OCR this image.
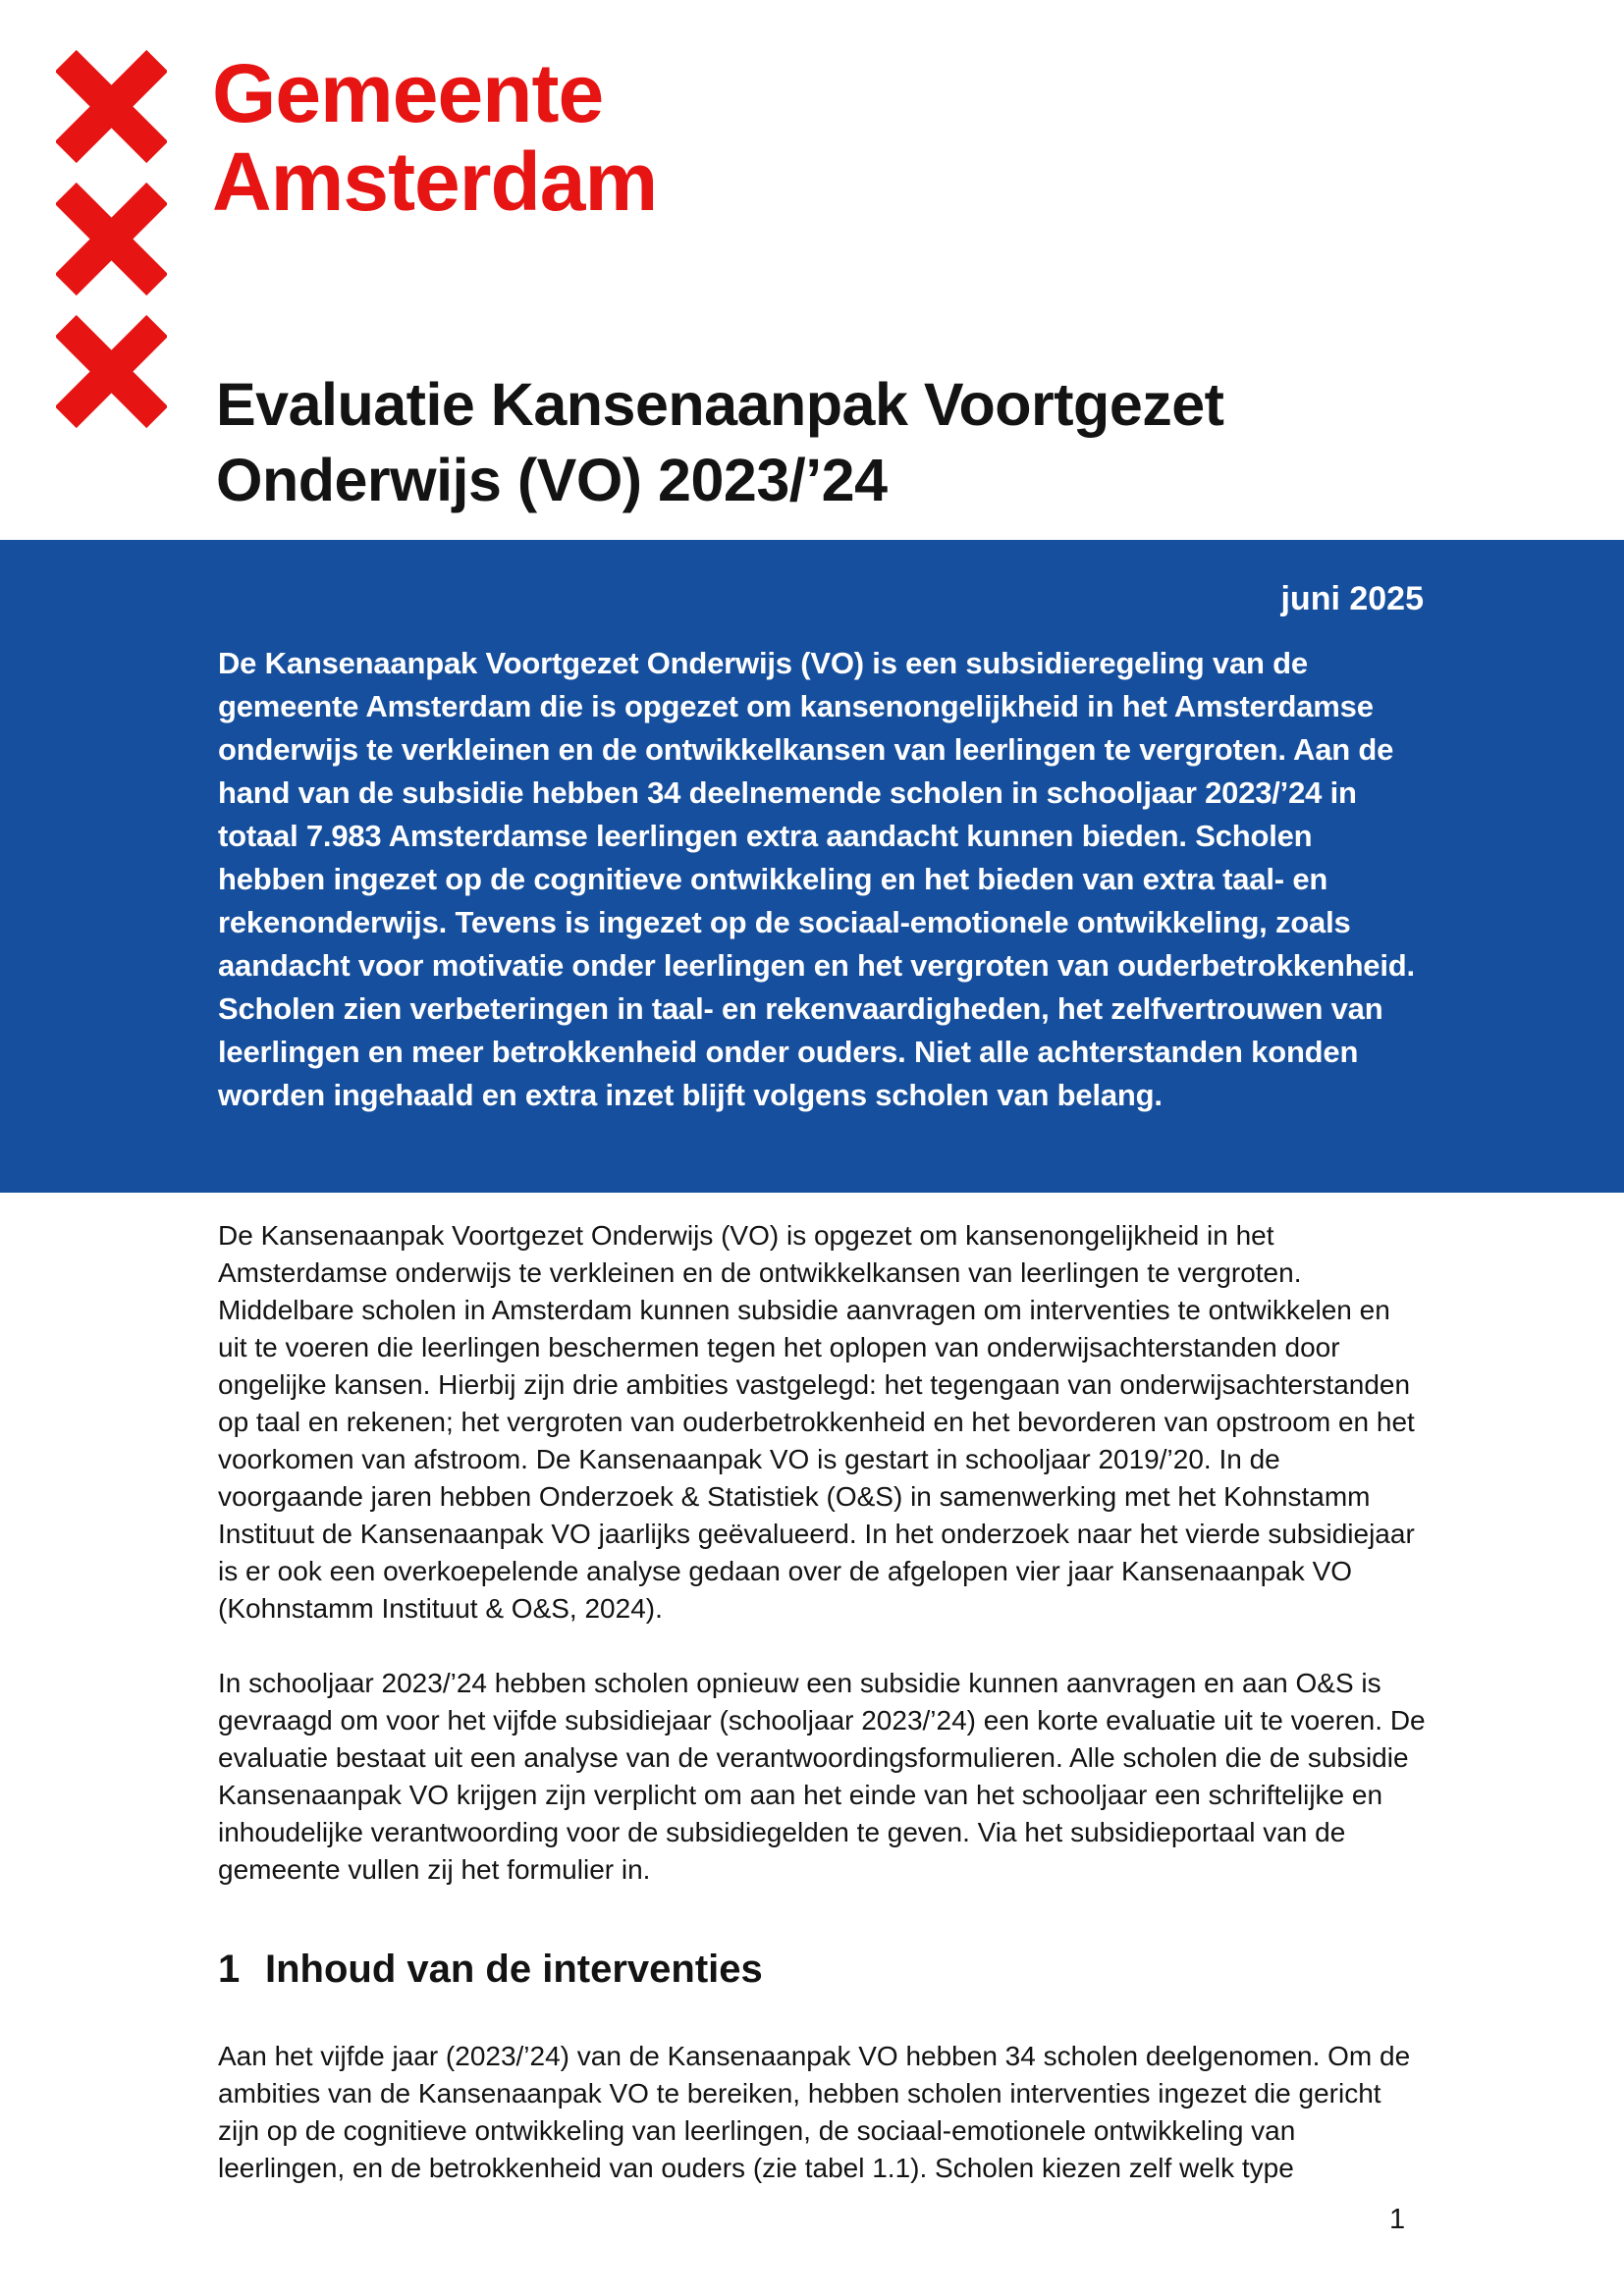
Gemeente
Amsterdam
Evaluatie Kansenaanpak Voortgezet
Onderwijs (VO) 2023/’24
juni 2025

De Kansenaanpak Voortgezet Onderwijs (VO) is een subsidieregeling van de gemeente Amsterdam die is opgezet om kansenongelijkheid in het Amsterdamse onderwijs te verkleinen en de ontwikkelkansen van leerlingen te vergroten. Aan de hand van de subsidie hebben 34 deelnemende scholen in schooljaar 2023/’24 in totaal 7.983 Amsterdamse leerlingen extra aandacht kunnen bieden. Scholen hebben ingezet op de cognitieve ontwikkeling en het bieden van extra taal- en rekenonderwijs. Tevens is ingezet op de sociaal-emotionele ontwikkeling, zoals aandacht voor motivatie onder leerlingen en het vergroten van ouderbetrokkenheid. Scholen zien verbeteringen in taal- en rekenvaardigheden, het zelfvertrouwen van leerlingen en meer betrokkenheid onder ouders. Niet alle achterstanden konden worden ingehaald en extra inzet blijft volgens scholen van belang.

De Kansenaanpak Voortgezet Onderwijs (VO) is opgezet om kansenongelijkheid in het Amsterdamse onderwijs te verkleinen en de ontwikkelkansen van leerlingen te vergroten. Middelbare scholen in Amsterdam kunnen subsidie aanvragen om interventies te ontwikkelen en uit te voeren die leerlingen beschermen tegen het oplopen van onderwijsachterstanden door ongelijke kansen. Hierbij zijn drie ambities vastgelegd: het tegengaan van onderwijsachterstanden op taal en rekenen; het vergroten van ouderbetrokkenheid en het bevorderen van opstroom en het voorkomen van afstroom. De Kansenaanpak VO is gestart in schooljaar 2019/’20. In de voorgaande jaren hebben Onderzoek & Statistiek (O&S) in samenwerking met het Kohnstamm Instituut de Kansenaanpak VO jaarlijks geëvalueerd. In het onderzoek naar het vierde subsidiejaar is er ook een overkoepelende analyse gedaan over de afgelopen vier jaar Kansenaanpak VO (Kohnstamm Instituut & O&S, 2024).

In schooljaar 2023/’24 hebben scholen opnieuw een subsidie kunnen aanvragen en aan O&S is gevraagd om voor het vijfde subsidiejaar (schooljaar 2023/’24) een korte evaluatie uit te voeren. De evaluatie bestaat uit een analyse van de verantwoordingsformulieren. Alle scholen die de subsidie Kansenaanpak VO krijgen zijn verplicht om aan het einde van het schooljaar een schriftelijke en inhoudelijke verantwoording voor de subsidiegelden te geven. Via het subsidieportaal van de gemeente vullen zij het formulier in.

1 Inhoud van de interventies

Aan het vijfde jaar (2023/’24) van de Kansenaanpak VO hebben 34 scholen deelgenomen. Om de ambities van de Kansenaanpak VO te bereiken, hebben scholen interventies ingezet die gericht zijn op de cognitieve ontwikkeling van leerlingen, de sociaal-emotionele ontwikkeling van leerlingen, en de betrokkenheid van ouders (zie tabel 1.1). Scholen kiezen zelf welk type

1
